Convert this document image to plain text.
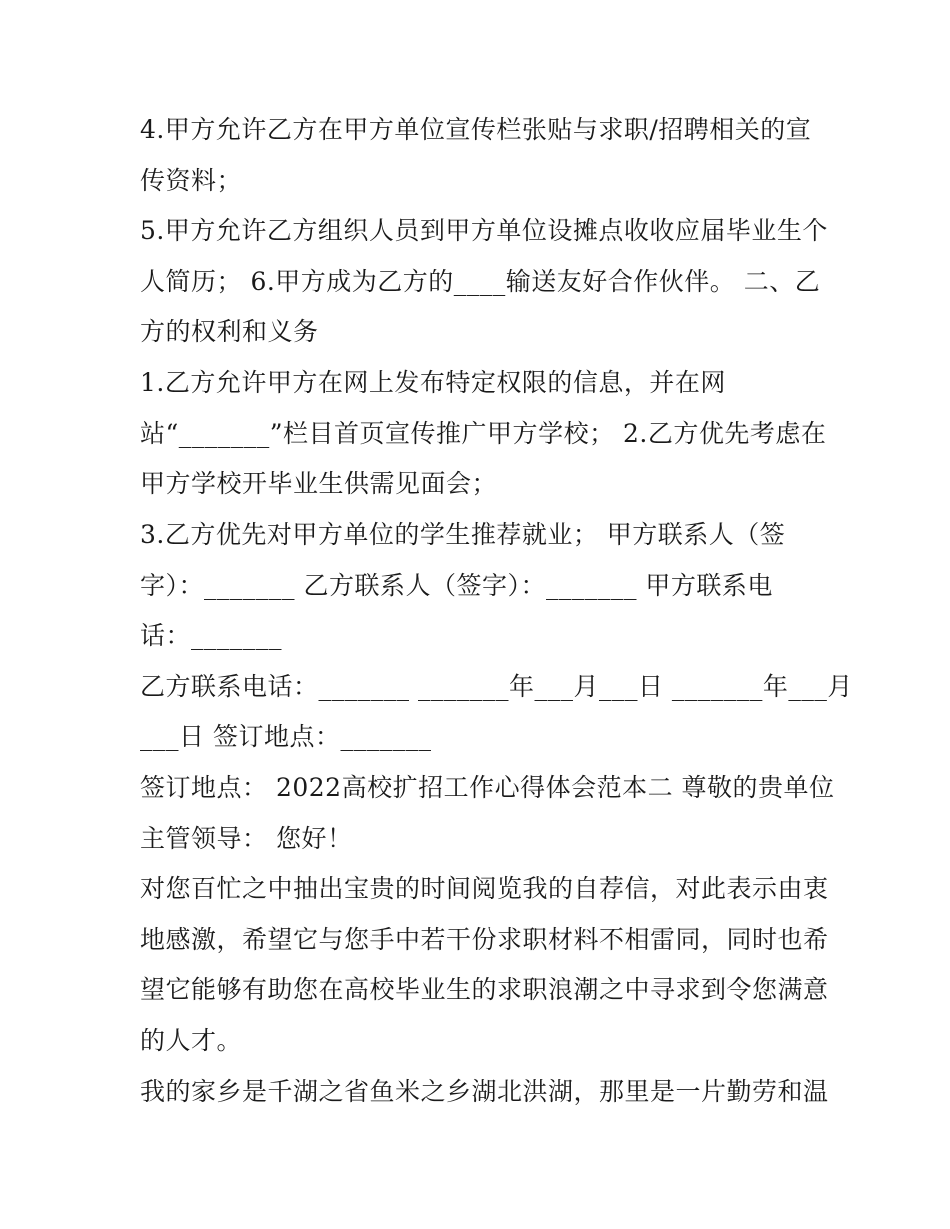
4.甲方允许乙方在甲方单位宣传栏张贴与求职/招聘相关的宣

传资料；

5.甲方允许乙方组织人员到甲方单位设摊点收收应届毕业生个

人简历； 6.甲方成为乙方的____输送友好合作伙伴。 二、乙

方的权利和义务

1.乙方允许甲方在网上发布特定权限的信息，并在网

站“_______”栏目首页宣传推广甲方学校； 2.乙方优先考虑在

甲方学校开毕业生供需见面会；

3.乙方优先对甲方单位的学生推荐就业； 甲方联系人（签

字）：_______ 乙方联系人（签字）：_______ 甲方联系电

话：_______

乙方联系电话：_______ _______年___月___日 _______年___月

___日 签订地点：_______

签订地点： 2022高校扩招工作心得体会范本二 尊敬的贵单位

主管领导： 您好！

对您百忙之中抽出宝贵的时间阅览我的自荐信，对此表示由衷

地感激，希望它与您手中若干份求职材料不相雷同，同时也希

望它能够有助您在高校毕业生的求职浪潮之中寻求到令您满意

的人才。

我的家乡是千湖之省鱼米之乡湖北洪湖，那里是一片勤劳和温
